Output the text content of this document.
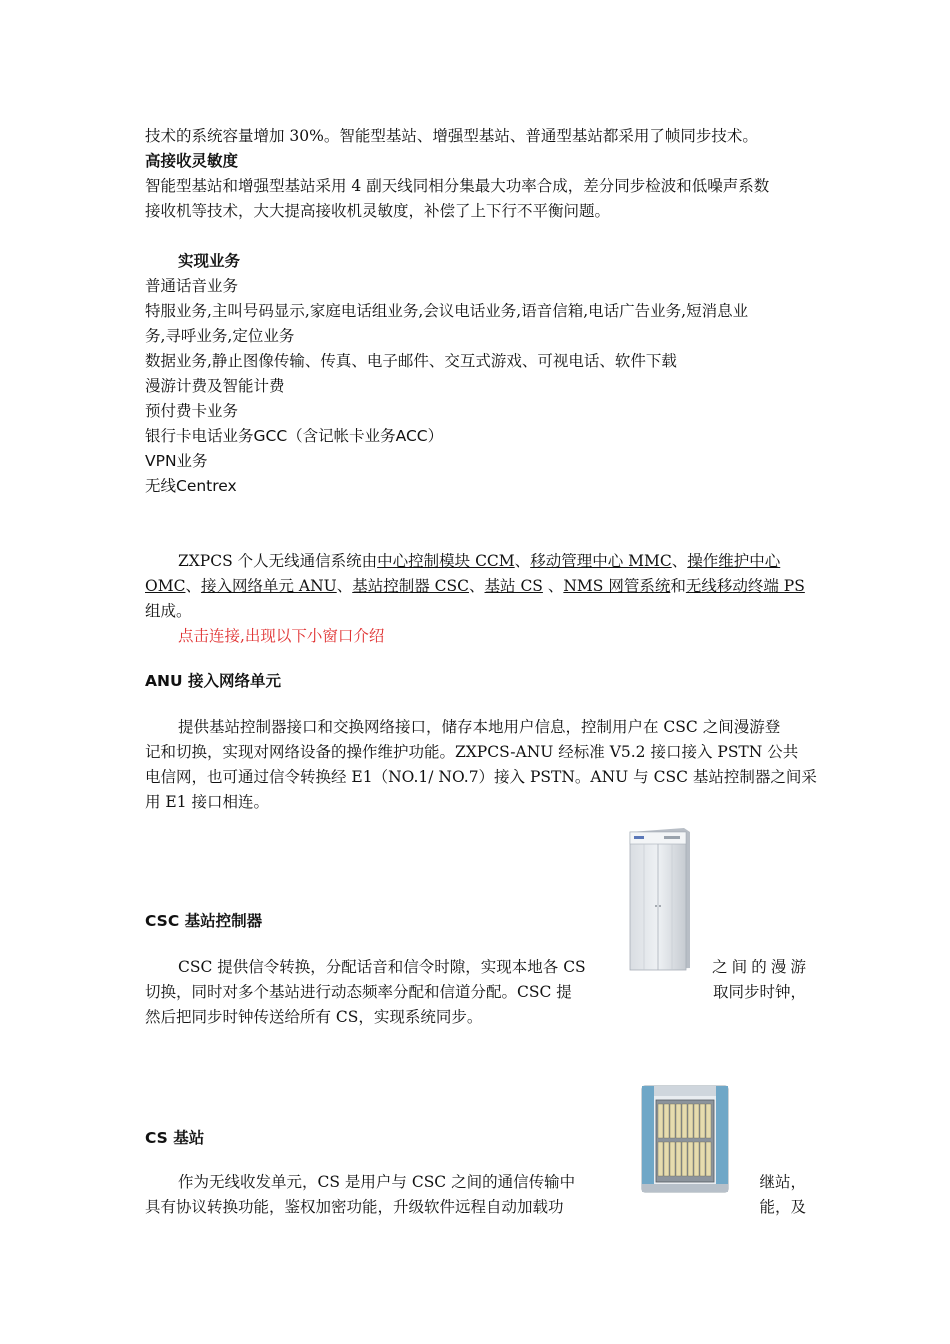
技术的系统容量增加 30%。智能型基站、增强型基站、普通型基站都采用了帧同步技术。
高接收灵敏度
智能型基站和增强型基站采用 4 副天线同相分集最大功率合成，差分同步检波和低噪声系数
接收机等技术，大大提高接收机灵敏度，补偿了上下行不平衡问题。
实现业务
普通话音业务
特服业务,主叫号码显示,家庭电话组业务,会议电话业务,语音信箱,电话广告业务,短消息业
务,寻呼业务,定位业务
数据业务,静止图像传输、传真、电子邮件、交互式游戏、可视电话、软件下载
漫游计费及智能计费
预付费卡业务
银行卡电话业务GCC（含记帐卡业务ACC）
VPN业务
无线Centrex
ZXPCS 个人无线通信系统由中心控制模块 CCM、移动管理中心 MMC、操作维护中心
OMC、接入网络单元 ANU、基站控制器 CSC、基站 CS 、NMS 网管系统和无线移动终端 PS
组成。
点击连接,出现以下小窗口介绍
ANU 接入网络单元
提供基站控制器接口和交换网络接口，储存本地用户信息，控制用户在 CSC 之间漫游登
记和切换，实现对网络设备的操作维护功能。ZXPCS-ANU 经标准 V5.2 接口接入 PSTN 公共
电信网，也可通过信令转换经 E1（NO.1/ NO.7）接入 PSTN。ANU 与 CSC 基站控制器之间采
用 E1 接口相连。
CSC 基站控制器
CSC 提供信令转换，分配话音和信令时隙，实现本地各 CS	之间的漫游
切换，同时对多个基站进行动态频率分配和信道分配。CSC 提	取同步时钟，
然后把同步时钟传送给所有 CS，实现系统同步。
CS 基站
作为无线收发单元，CS 是用户与 CSC 之间的通信传输中	继站，
具有协议转换功能，鉴权加密功能，升级软件远程自动加载功	能，及
